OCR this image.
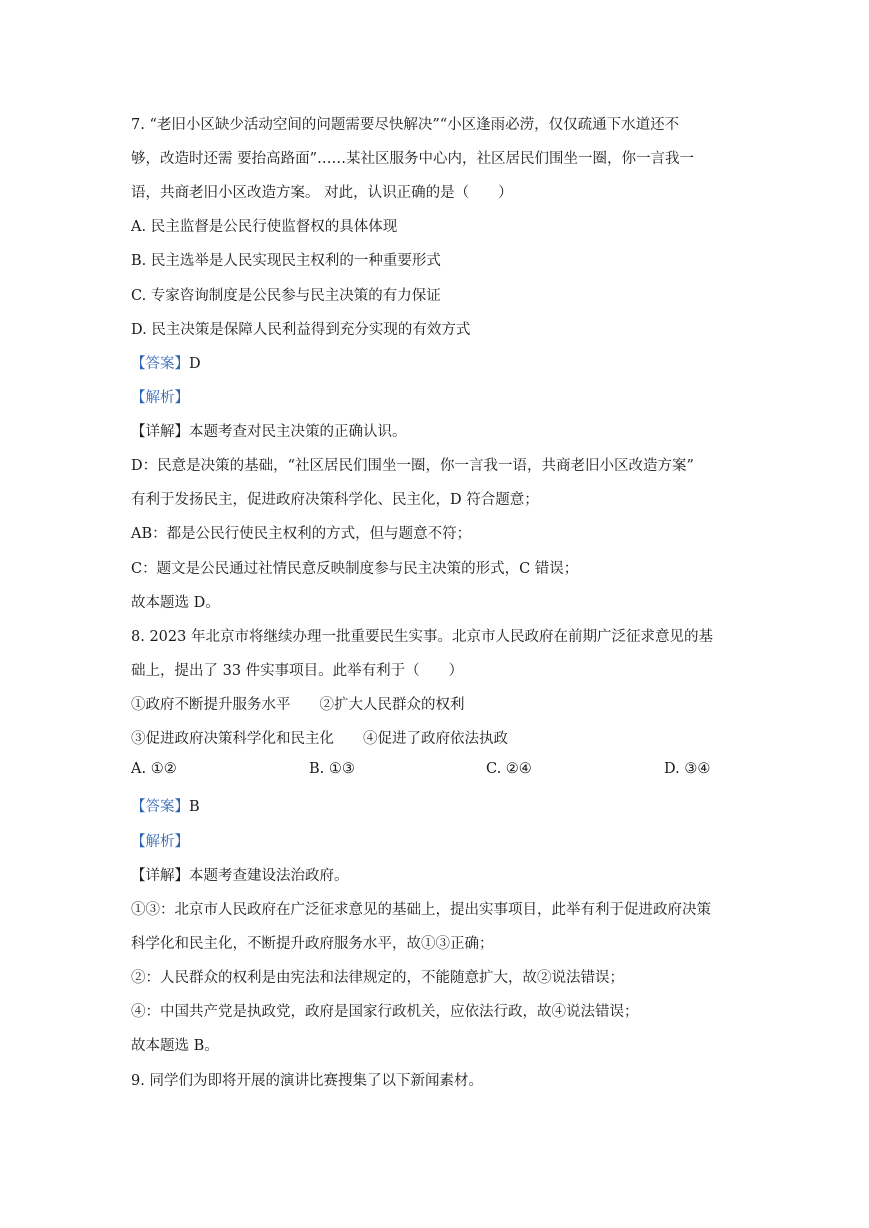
7. “老旧小区缺少活动空间的问题需要尽快解决”“小区逢雨必涝，仅仅疏通下水道还不
够，改造时还需 要抬高路面”……某社区服务中心内，社区居民们围坐一圈，你一言我一
语，共商老旧小区改造方案。 对此，认识正确的是（　　）
A. 民主监督是公民行使监督权的具体体现
B. 民主选举是人民实现民主权利的一种重要形式
C. 专家咨询制度是公民参与民主决策的有力保证
D. 民主决策是保障人民利益得到充分实现的有效方式
【答案】D
【解析】
【详解】本题考查对民主决策的正确认识。
D：民意是决策的基础，“社区居民们围坐一圈，你一言我一语，共商老旧小区改造方案”
有利于发扬民主，促进政府决策科学化、民主化，D 符合题意；
AB：都是公民行使民主权利的方式，但与题意不符；
C：题文是公民通过社情民意反映制度参与民主决策的形式，C 错误；
故本题选 D。
8. 2023 年北京市将继续办理一批重要民生实事。北京市人民政府在前期广泛征求意见的基
础上，提出了 33 件实事项目。此举有利于（　　）
①政府不断提升服务水平　　②扩大人民群众的权利
③促进政府决策科学化和民主化　　④促进了政府依法执政
A. ①②	B. ①③	C. ②④	D. ③④
【答案】B
【解析】
【详解】本题考查建设法治政府。
①③：北京市人民政府在广泛征求意见的基础上，提出实事项目，此举有利于促进政府决策
科学化和民主化，不断提升政府服务水平，故①③正确；
②：人民群众的权利是由宪法和法律规定的，不能随意扩大，故②说法错误；
④：中国共产党是执政党，政府是国家行政机关，应依法行政，故④说法错误；
故本题选 B。
9. 同学们为即将开展的演讲比赛搜集了以下新闻素材。
